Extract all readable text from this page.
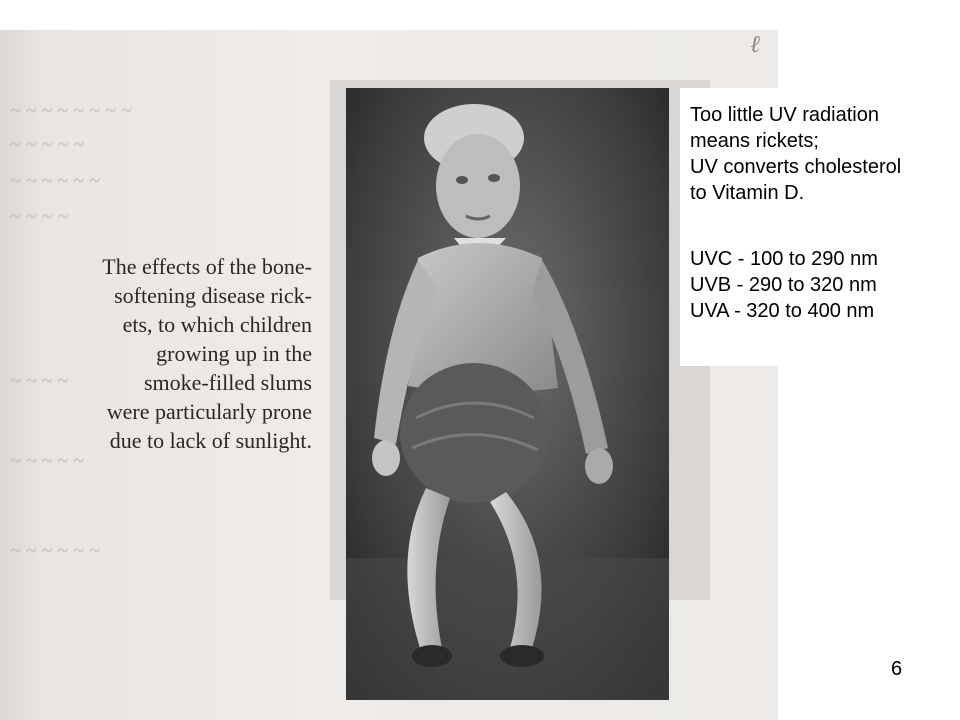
~ ~ ~ ~ ~ ~ ~ ~
~ ~ ~ ~ ~
~ ~ ~ ~ ~ ~
~ ~ ~ ~
~ ~ ~ ~
~ ~ ~ ~ ~
~ ~ ~ ~ ~ ~
The effects of the bone-
softening disease rick-
ets, to which children
growing up in the
smoke-filled slums
were particularly prone
due to lack of sunlight.
ℓ
Too little UV radiation
means rickets;
UV converts cholesterol
to Vitamin D.
UVC - 100 to 290 nm
UVB - 290 to 320 nm
UVA - 320 to 400 nm
6
